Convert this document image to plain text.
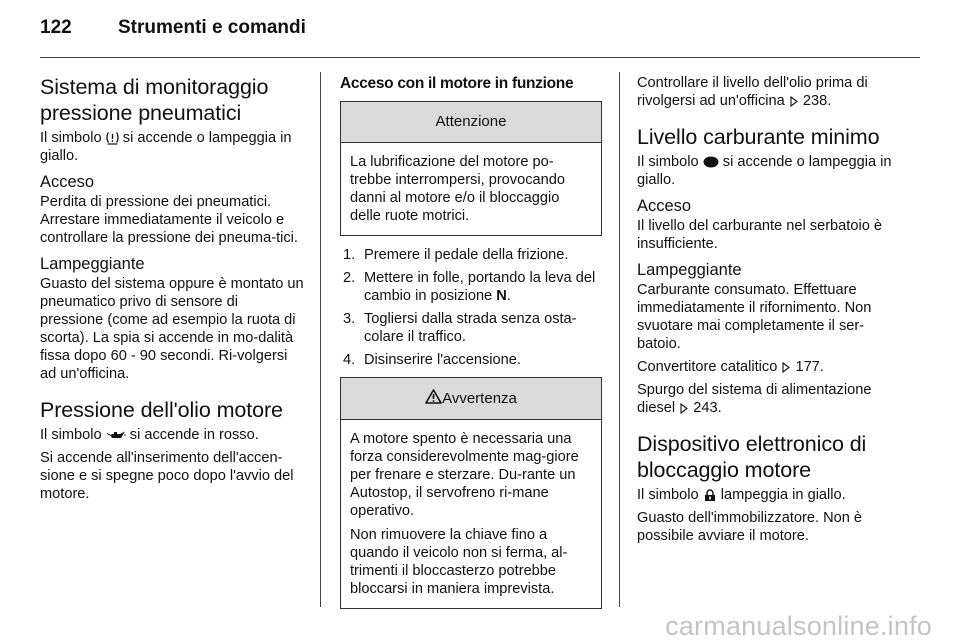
122 Strumenti e comandi
Sistema di monitoraggio pressione pneumatici

Il simbolo si accende o lampeggia in giallo.

Acceso

Perdita di pressione dei pneumatici. Arrestare immediatamente il veicolo e controllare la pressione dei pneuma-tici.

Lampeggiante

Guasto del sistema oppure è montato un pneumatico privo di sensore di pressione (come ad esempio la ruota di scorta). La spia si accende in mo-dalità fissa dopo 60 - 90 secondi. Ri-volgersi ad un'officina.

Pressione dell'olio motore

Il simbolo si accende in rosso.

Si accende all'inserimento dell'accen-sione e si spegne poco dopo l'avvio del motore.

Acceso con il motore in funzione
Attenzione

La lubrificazione del motore po-trebbe interrompersi, provocando danni al motore e/o il bloccaggio delle ruote motrici.

1. Premere il pedale della frizione.
2. Mettere in folle, portando la leva del cambio in posizione N.
3. Togliersi dalla strada senza osta-colare il traffico.
4. Disinserire l'accensione.
Avvertenza

A motore spento è necessaria una forza considerevolmente mag-giore per frenare e sterzare. Du-rante un Autostop, il servofreno ri-mane operativo.

Non rimuovere la chiave fino a quando il veicolo non si ferma, al-trimenti il bloccasterzo potrebbe bloccarsi in maniera imprevista.

Controllare il livello dell'olio prima di rivolgersi ad un'officina 238.

Livello carburante minimo

Il simbolo si accende o lampeggia in giallo.

Acceso

Il livello del carburante nel serbatoio è insufficiente.

Lampeggiante

Carburante consumato. Effettuare immediatamente il rifornimento. Non svuotare mai completamente il ser-batoio.

Convertitore catalitico 177.

Spurgo del sistema di alimentazione diesel 243.

Dispositivo elettronico di bloccaggio motore

Il simbolo lampeggia in giallo.

Guasto dell'immobilizzatore. Non è possibile avviare il motore.

carmanualsonline.info
